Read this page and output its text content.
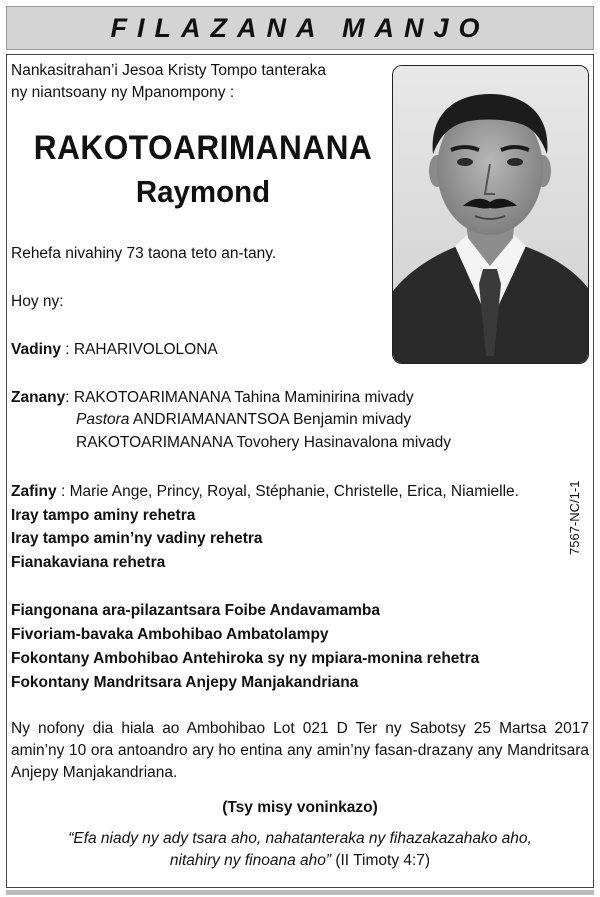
FILAZANA MANJO
Nankasitrahan’i Jesoa Kristy Tompo tanteraka
ny niantsoany ny Mpanompony :
RAKOTOARIMANANA
Raymond
Rehefa nivahiny 73 taona teto an-tany.
Hoy ny:
Vadiny : RAHARIVOLOLONA
Zanany: RAKOTOARIMANANA Tahina Maminirina mivady
Pastora ANDRIAMANANTSOA Benjamin mivady
RAKOTOARIMANANA Tovohery Hasinavalona mivady
Zafiny : Marie Ange, Princy, Royal, Stéphanie, Christelle, Erica, Niamielle.
Iray tampo aminy rehetra
Iray tampo amin’ny vadiny rehetra
Fianakaviana rehetra
Fiangonana ara-pilazantsara Foibe Andavamamba
Fivoriam-bavaka Ambohibao Ambatolampy
Fokontany Ambohibao Antehiroka sy ny mpiara-monina rehetra
Fokontany Mandritsara Anjepy Manjakandriana
7567-NC/1-1
Ny nofony dia hiala ao Ambohibao Lot 021 D Ter ny Sabotsy 25 Martsa 2017 amin’ny 10 ora antoandro ary ho entina any amin’ny fasan-drazany any Mandritsara Anjepy Manjakandriana.
(Tsy misy voninkazo)
“Efa niady ny ady tsara aho, nahatanteraka ny fihazakazahako aho,
nitahiry ny finoana aho” (II Timoty 4:7)
